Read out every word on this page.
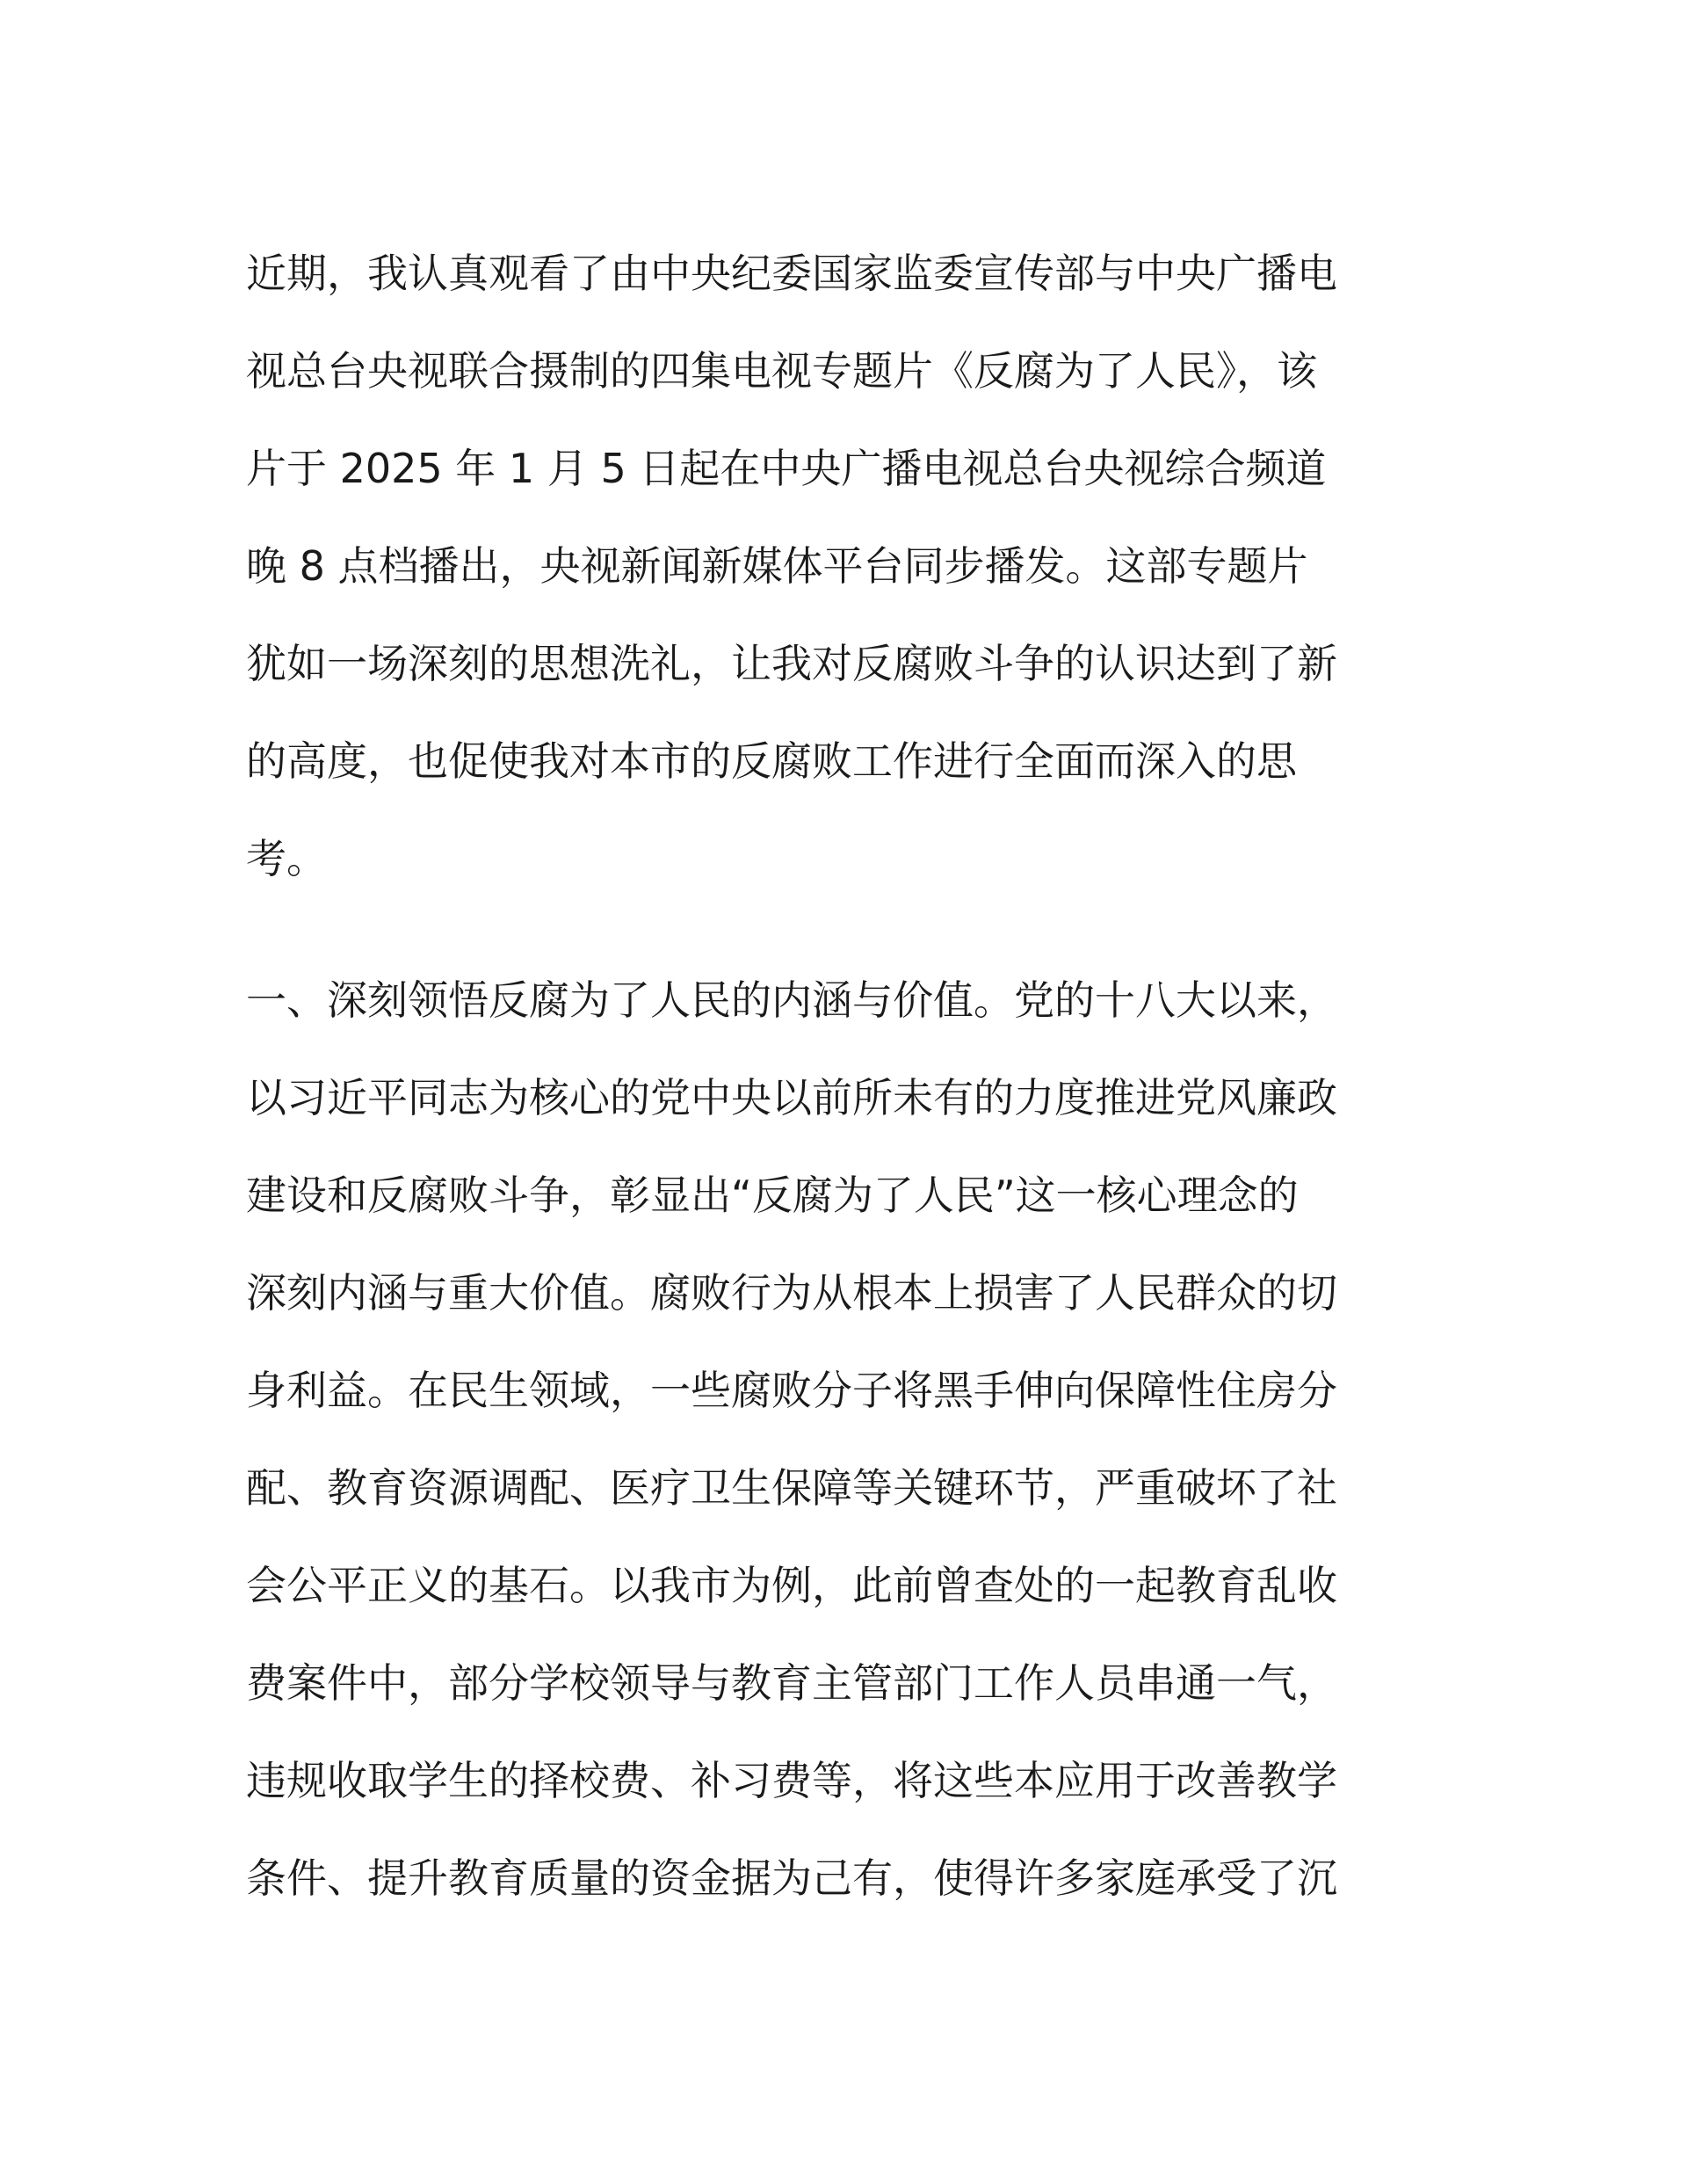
近期，我认真观看了由中央纪委国家监委宣传部与中央广播电
视总台央视联合摄制的四集电视专题片《反腐为了人民》，该
片于 2025 年 1 月 5 日起在中央广播电视总台央视综合频道
晚 8 点档播出，央视新闻新媒体平台同步播发。这部专题片
犹如一场深刻的思想洗礼，让我对反腐败斗争的认识达到了新
的高度，也促使我对本市的反腐败工作进行全面而深入的思
考。
一、深刻领悟反腐为了人民的内涵与价值。党的十八大以来，
以习近平同志为核心的党中央以前所未有的力度推进党风廉政
建设和反腐败斗争，彰显出“反腐为了人民”这一核心理念的
深刻内涵与重大价值。腐败行为从根本上损害了人民群众的切
身利益。在民生领域，一些腐败分子将黑手伸向保障性住房分
配、教育资源调配、医疗卫生保障等关键环节，严重破坏了社
会公平正义的基石。以我市为例，此前曾查处的一起教育乱收
费案件中，部分学校领导与教育主管部门工作人员串通一气，
违规收取学生的择校费、补习费等，将这些本应用于改善教学
条件、提升教育质量的资金据为己有，使得许多家庭承受了沉
